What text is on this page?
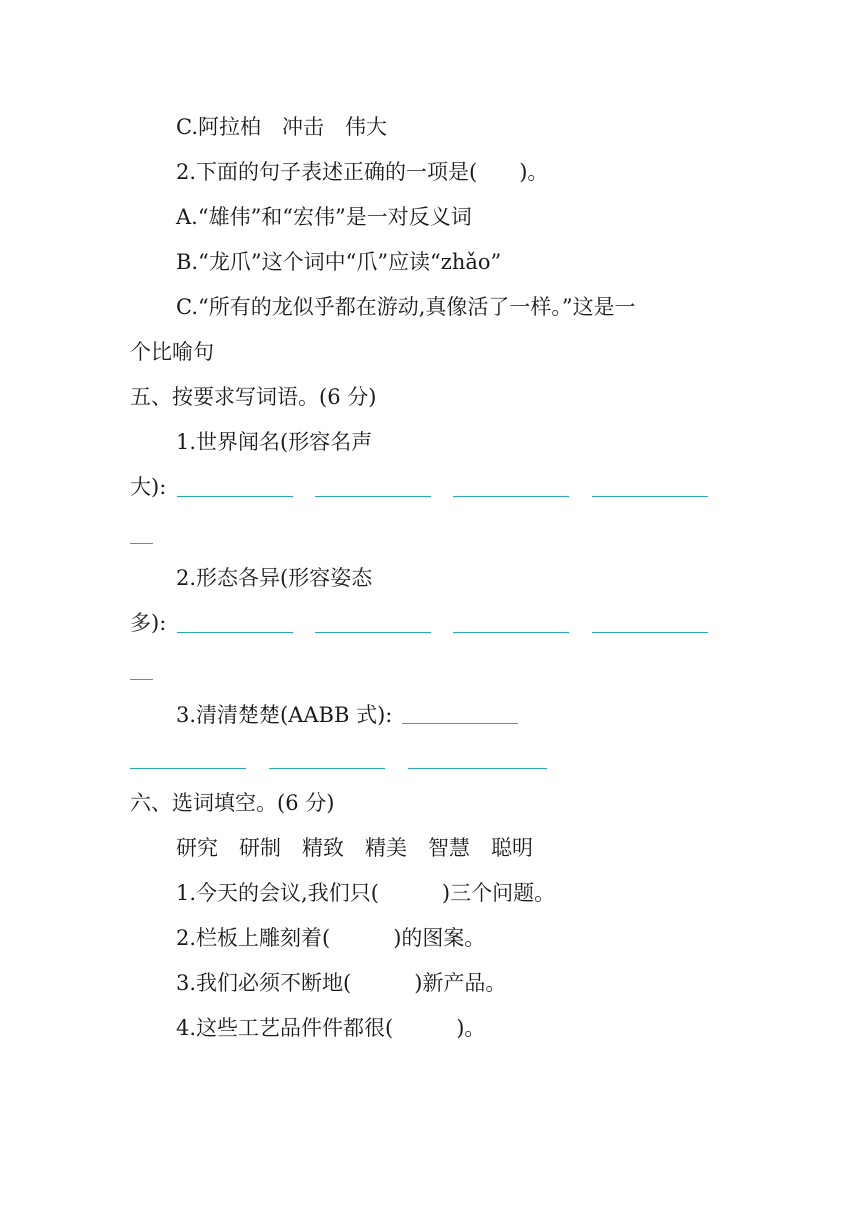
C.阿拉柏　冲击　伟大

2.下面的句子表述正确的一项是(　　)。

A.“雄伟”和“宏伟”是一对反义词

B.“龙爪”这个词中“爪”应读“zhǎo”

C.“所有的龙似乎都在游动,真像活了一样。”这是一

个比喻句

五、按要求写词语。(6 分)

1.世界闻名(形容名声

大):

2.形态各异(形容姿态

多):

3.清清楚楚(AABB 式):

六、选词填空。(6 分)

研究　研制　精致　精美　智慧　聪明

1.今天的会议,我们只(　　　)三个问题。

2.栏板上雕刻着(　　　)的图案。

3.我们必须不断地(　　　)新产品。

4.这些工艺品件件都很(　　　)。
